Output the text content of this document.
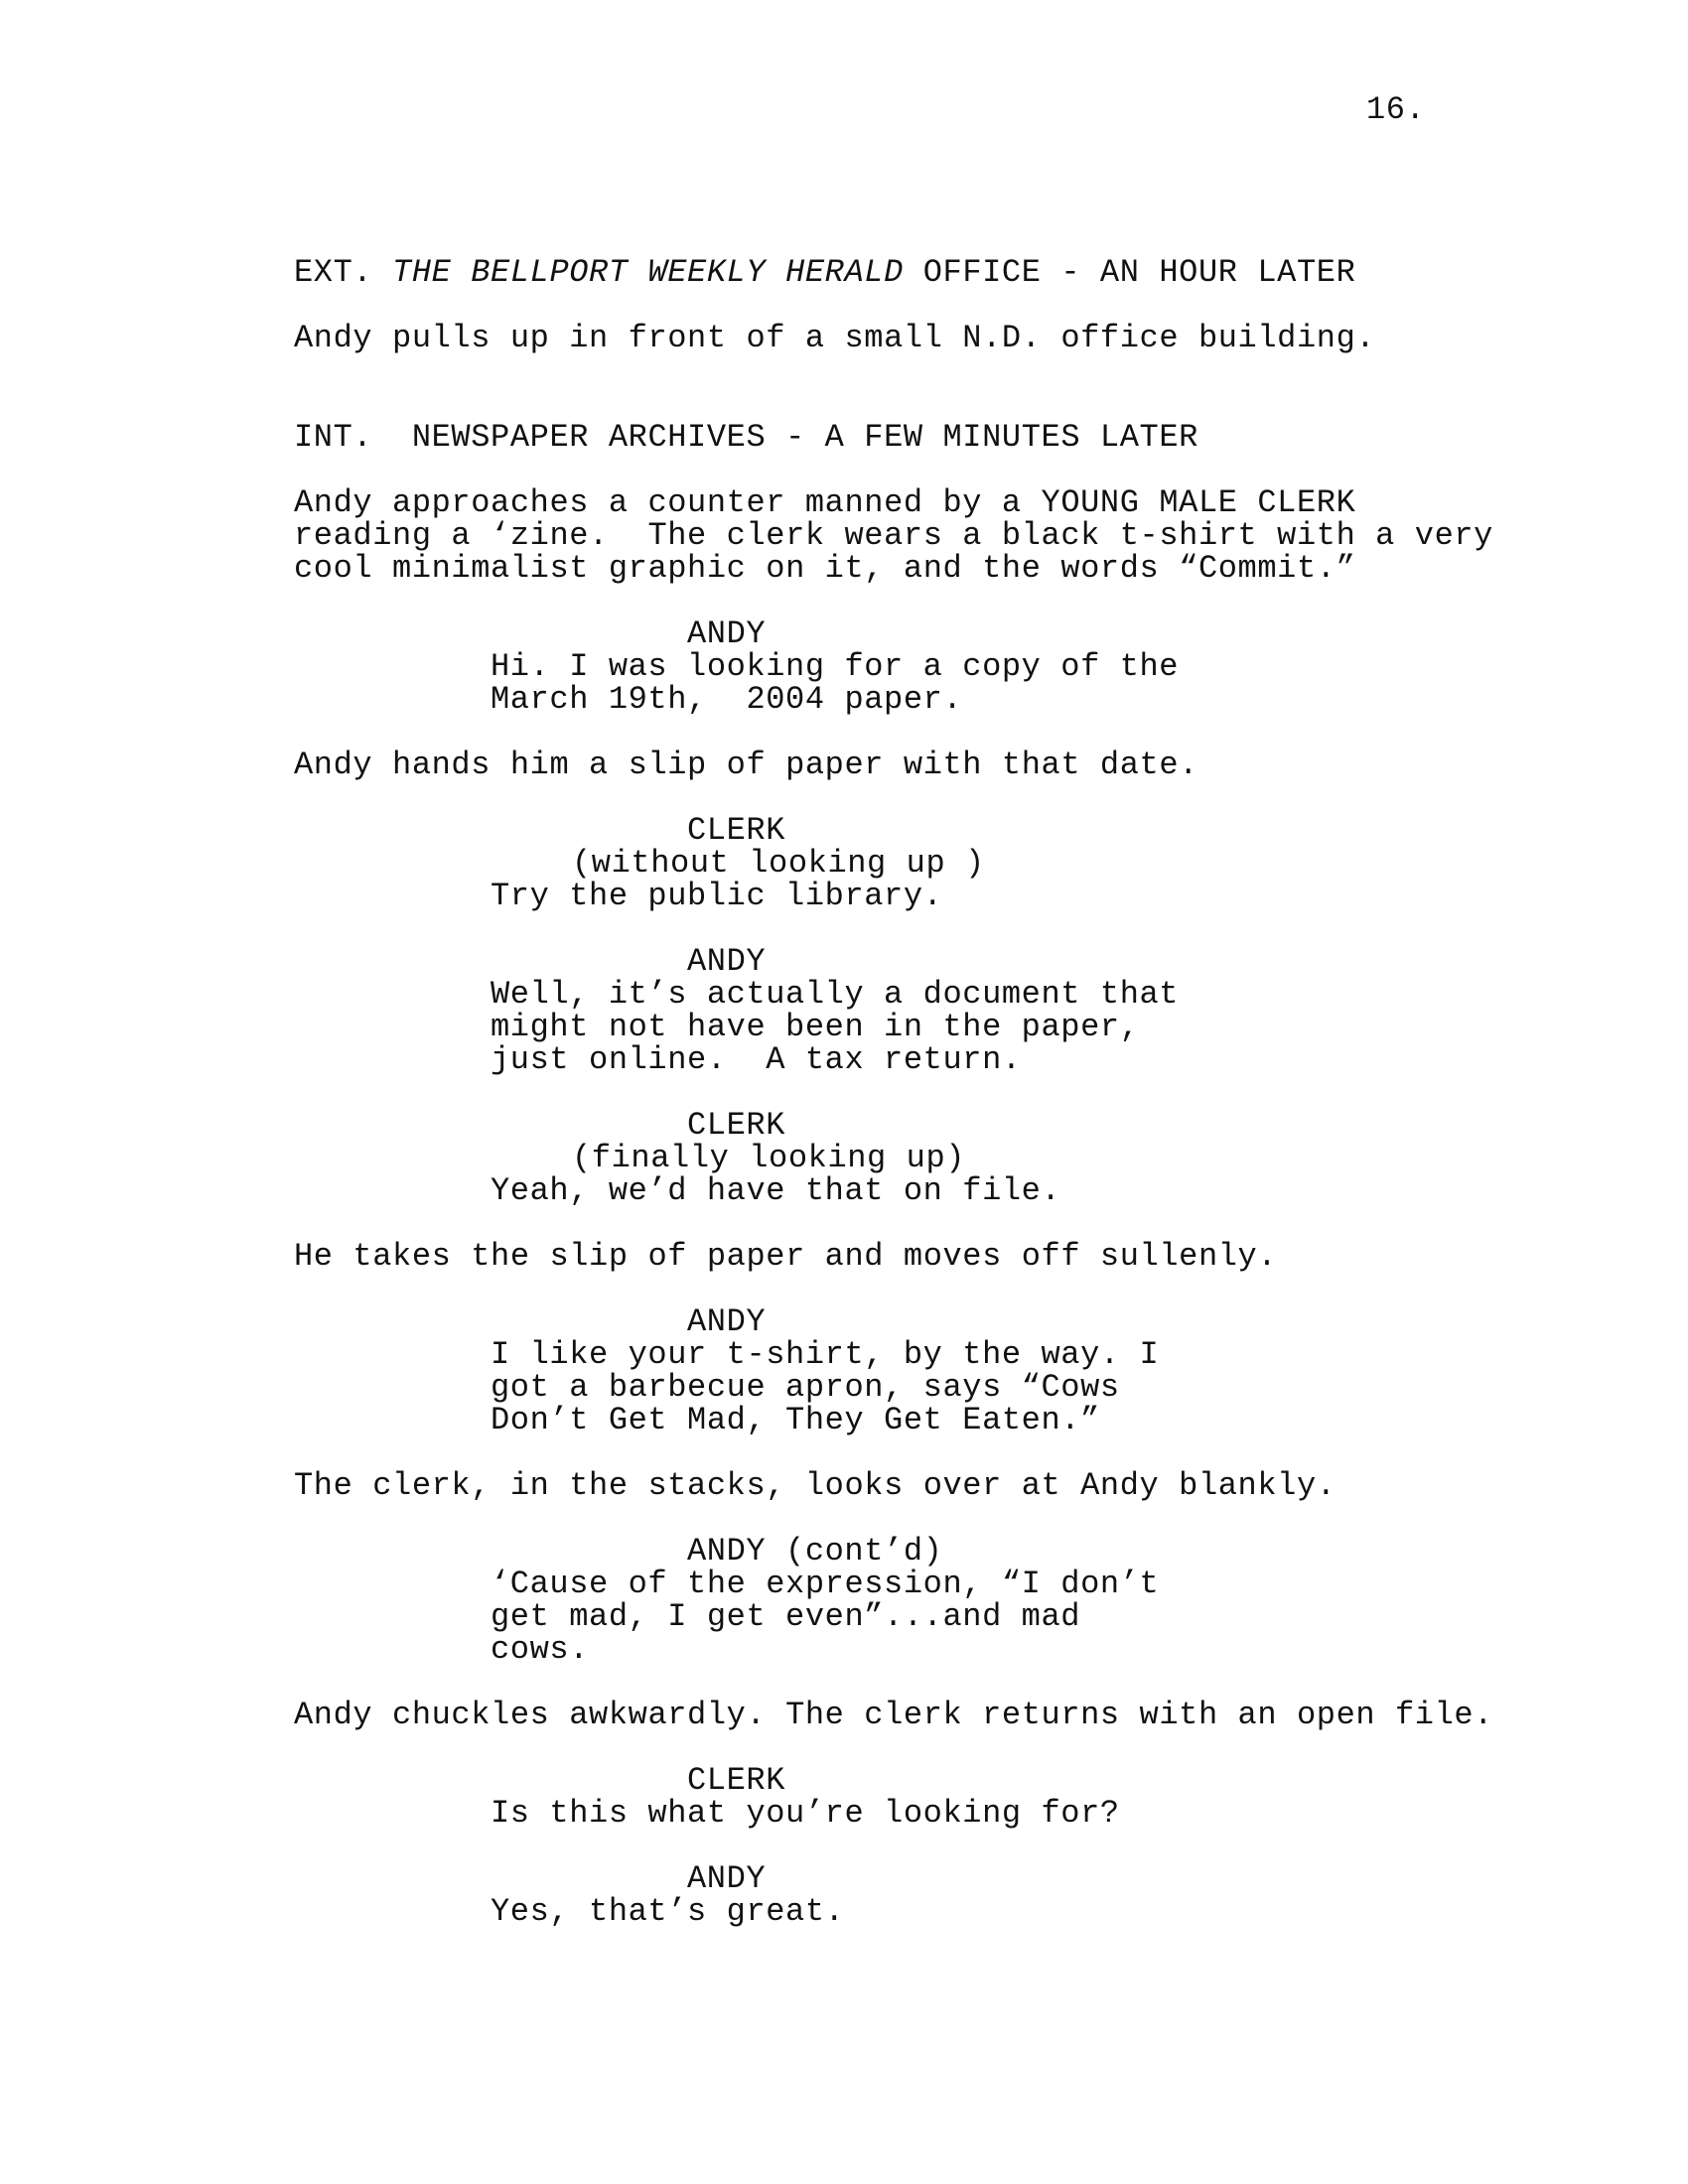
16.
EXT. THE BELLPORT WEEKLY HERALD OFFICE - AN HOUR LATER
Andy pulls up in front of a small N.D. office building.
INT.  NEWSPAPER ARCHIVES - A FEW MINUTES LATER
Andy approaches a counter manned by a YOUNG MALE CLERK
reading a ‘zine.  The clerk wears a black t-shirt with a very
cool minimalist graphic on it, and the words “Commit.”
ANDY
Hi. I was looking for a copy of the
March 19th,  2004 paper.
Andy hands him a slip of paper with that date.
CLERK
(without looking up )
Try the public library.
ANDY
Well, it’s actually a document that
might not have been in the paper,
just online.  A tax return.
CLERK
(finally looking up)
Yeah, we’d have that on file.
He takes the slip of paper and moves off sullenly.
ANDY
I like your t-shirt, by the way. I
got a barbecue apron, says “Cows
Don’t Get Mad, They Get Eaten.”
The clerk, in the stacks, looks over at Andy blankly.
ANDY (cont’d)
‘Cause of the expression, “I don’t
get mad, I get even”...and mad
cows.
Andy chuckles awkwardly. The clerk returns with an open file.
CLERK
Is this what you’re looking for?
ANDY
Yes, that’s great.
